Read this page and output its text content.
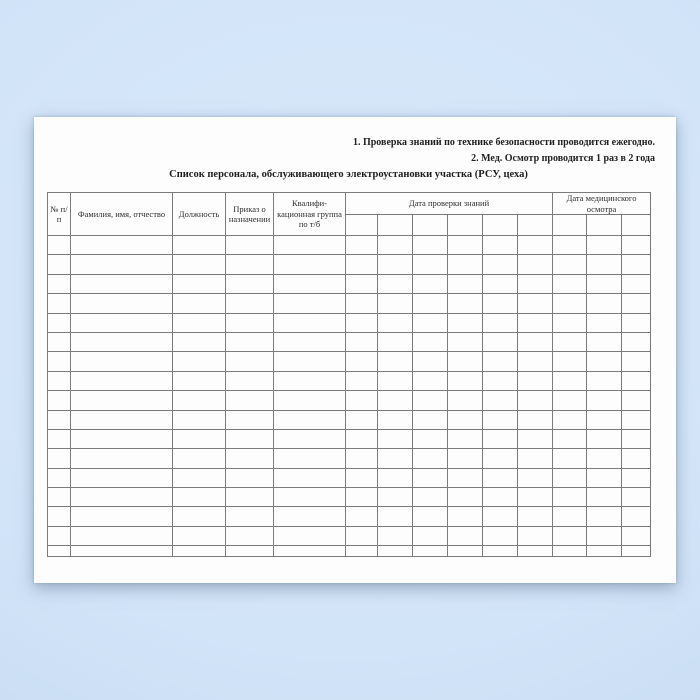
1. Проверка знаний по технике безопасности проводится ежегодно.
2. Мед. Осмотр проводится 1 раз в 2 года
Список персонала, обслуживающего электроустановки участка (РСУ, цеха)
№ п/п	Фамилия, имя, отчество	Должность	Приказ о назначении	Квалифи-кационная группа по т/б	Дата проверки знаний						Дата медицинского осмотра		
